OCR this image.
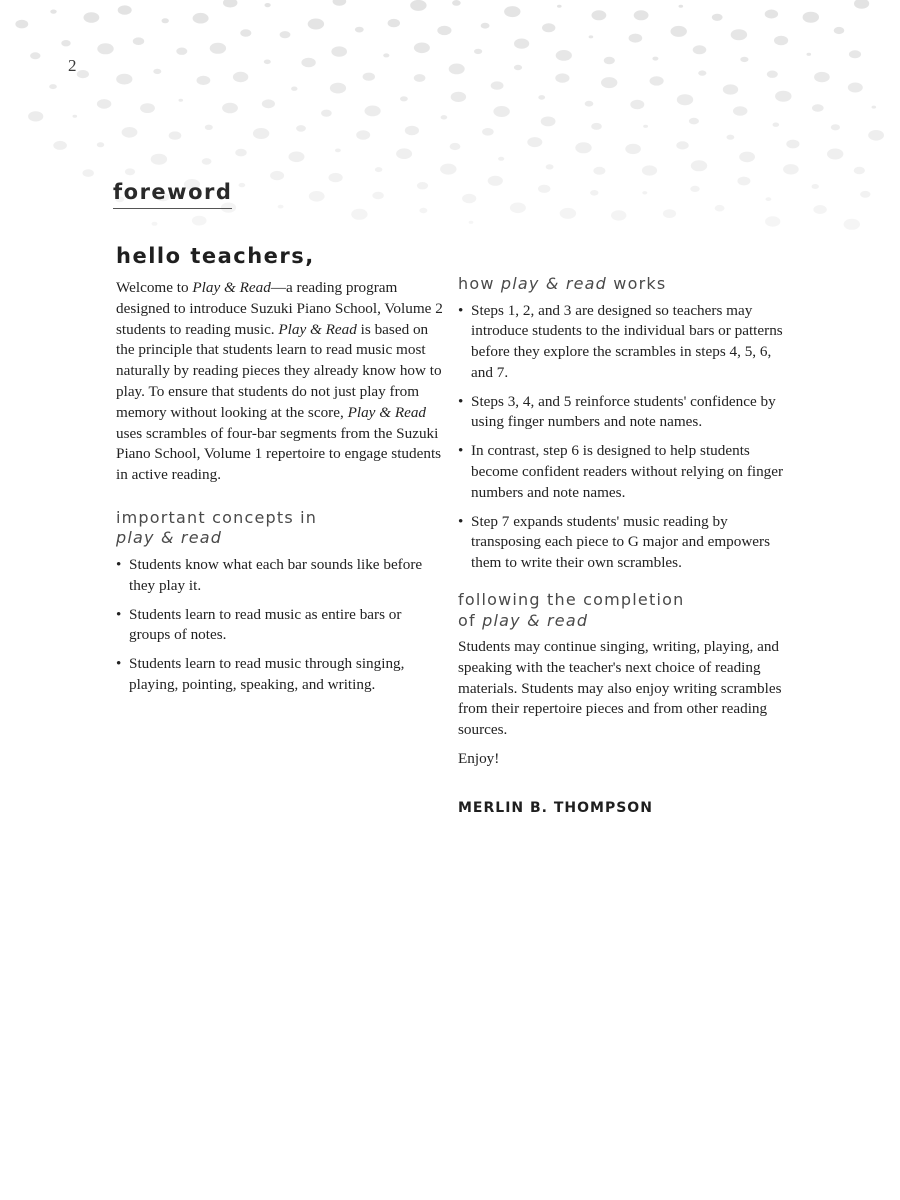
2
foreword
hello teachers,

Welcome to Play & Read—a reading program designed to introduce Suzuki Piano School, Volume 2 students to reading music. Play & Read is based on the principle that students learn to read music most naturally by reading pieces they already know how to play. To ensure that students do not just play from memory without looking at the score, Play & Read uses scrambles of four-bar segments from the Suzuki Piano School, Volume 1 repertoire to engage students in active reading.

important concepts in
play & read
• Students know what each bar sounds like before they play it.
• Students learn to read music as entire bars or groups of notes.
• Students learn to read music through singing, playing, pointing, speaking, and writing.
how play & read works
• Steps 1, 2, and 3 are designed so teachers may introduce students to the individual bars or patterns before they explore the scrambles in steps 4, 5, 6, and 7.
• Steps 3, 4, and 5 reinforce students' confidence by using finger numbers and note names.
• In contrast, step 6 is designed to help students become confident readers without relying on finger numbers and note names.
• Step 7 expands students' music reading by transposing each piece to G major and empowers them to write their own scrambles.
following the completion
of play & read

Students may continue singing, writing, playing, and speaking with the teacher's next choice of reading materials. Students may also enjoy writing scrambles from their repertoire pieces and from other reading sources.

Enjoy!

MERLIN B. THOMPSON
